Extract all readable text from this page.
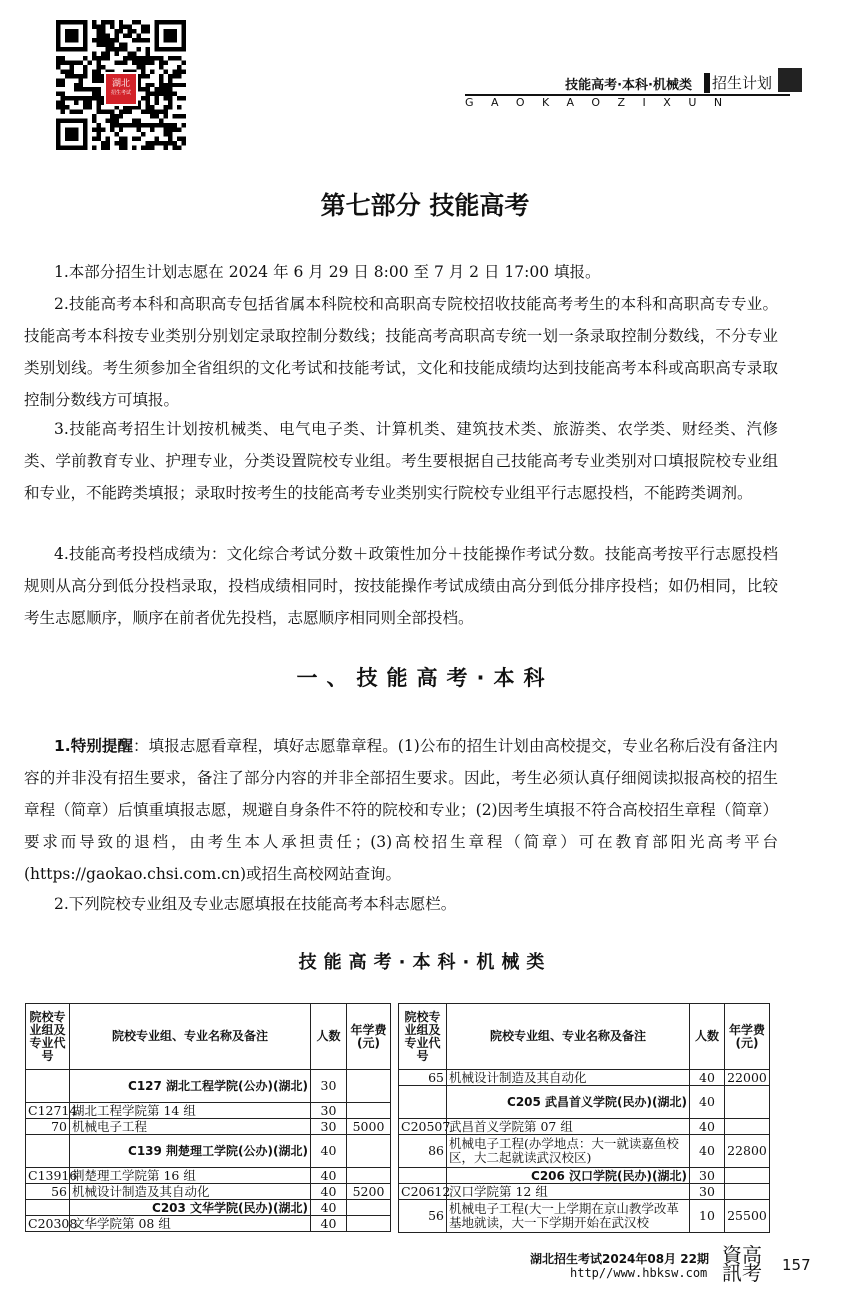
湖北
招生考试	技能高考·本科·机械类 招生计划
GAOKAOZIXUN
第七部分 技能高考
1.本部分招生计划志愿在 2024 年 6 月 29 日 8:00 至 7 月 2 日 17:00 填报。
2.技能高考本科和高职高专包括省属本科院校和高职高专院校招收技能高考考生的本科和高职高专专业。技能高考本科按专业类别分别划定录取控制分数线；技能高考高职高专统一划一条录取控制分数线，不分专业类别划线。考生须参加全省组织的文化考试和技能考试，文化和技能成绩均达到技能高考本科或高职高专录取控制分数线方可填报。
3.技能高考招生计划按机械类、电气电子类、计算机类、建筑技术类、旅游类、农学类、财经类、汽修类、学前教育专业、护理专业，分类设置院校专业组。考生要根据自己技能高考专业类别对口填报院校专业组和专业，不能跨类填报；录取时按考生的技能高考专业类别实行院校专业组平行志愿投档，不能跨类调剂。
4.技能高考投档成绩为：文化综合考试分数＋政策性加分＋技能操作考试分数。技能高考按平行志愿投档规则从高分到低分投档录取，投档成绩相同时，按技能操作考试成绩由高分到低分排序投档；如仍相同，比较考生志愿顺序，顺序在前者优先投档，志愿顺序相同则全部投档。
一、技能高考·本科
1.特别提醒：填报志愿看章程，填好志愿靠章程。(1)公布的招生计划由高校提交，专业名称后没有备注内容的并非没有招生要求，备注了部分内容的并非全部招生要求。因此，考生必须认真仔细阅读拟报高校的招生章程（简章）后慎重填报志愿，规避自身条件不符的院校和专业；(2)因考生填报不符合高校招生章程（简章）要求而导致的退档，由考生本人承担责任；(3)高校招生章程（简章）可在教育部阳光高考平台(https://gaokao.chsi.com.cn)或招生高校网站查询。
2.下列院校专业组及专业志愿填报在技能高考本科志愿栏。
技能高考·本科·机械类
院校专业组及专业代号	院校专业组、专业名称及备注	人数	年学费(元)
	C127 湖北工程学院(公办)(湖北)	30	
C12714	湖北工程学院第 14 组	30	
70	机械电子工程	30	5000
	C139 荆楚理工学院(公办)(湖北)	40	
C13916	荆楚理工学院第 16 组	40	
56	机械设计制造及其自动化	40	5200
	C203 文华学院(民办)(湖北)	40	
C20308	文华学院第 08 组	40	
院校专业组及专业代号	院校专业组、专业名称及备注	人数	年学费(元)
65	机械设计制造及其自动化	40	22000
	C205 武昌首义学院(民办)(湖北)	40	
C20507	武昌首义学院第 07 组	40	
86	机械电子工程(办学地点：大一就读嘉鱼校区，大二起就读武汉校区)	40	22800
	C206 汉口学院(民办)(湖北)	30	
C20612	汉口学院第 12 组	30	
56	机械电子工程(大一上学期在京山教学改革基地就读，大一下学期开始在武汉校	10	25500
湖北招生考试2024年08月 22期
http//www.hbksw.com
資高訊考	157
